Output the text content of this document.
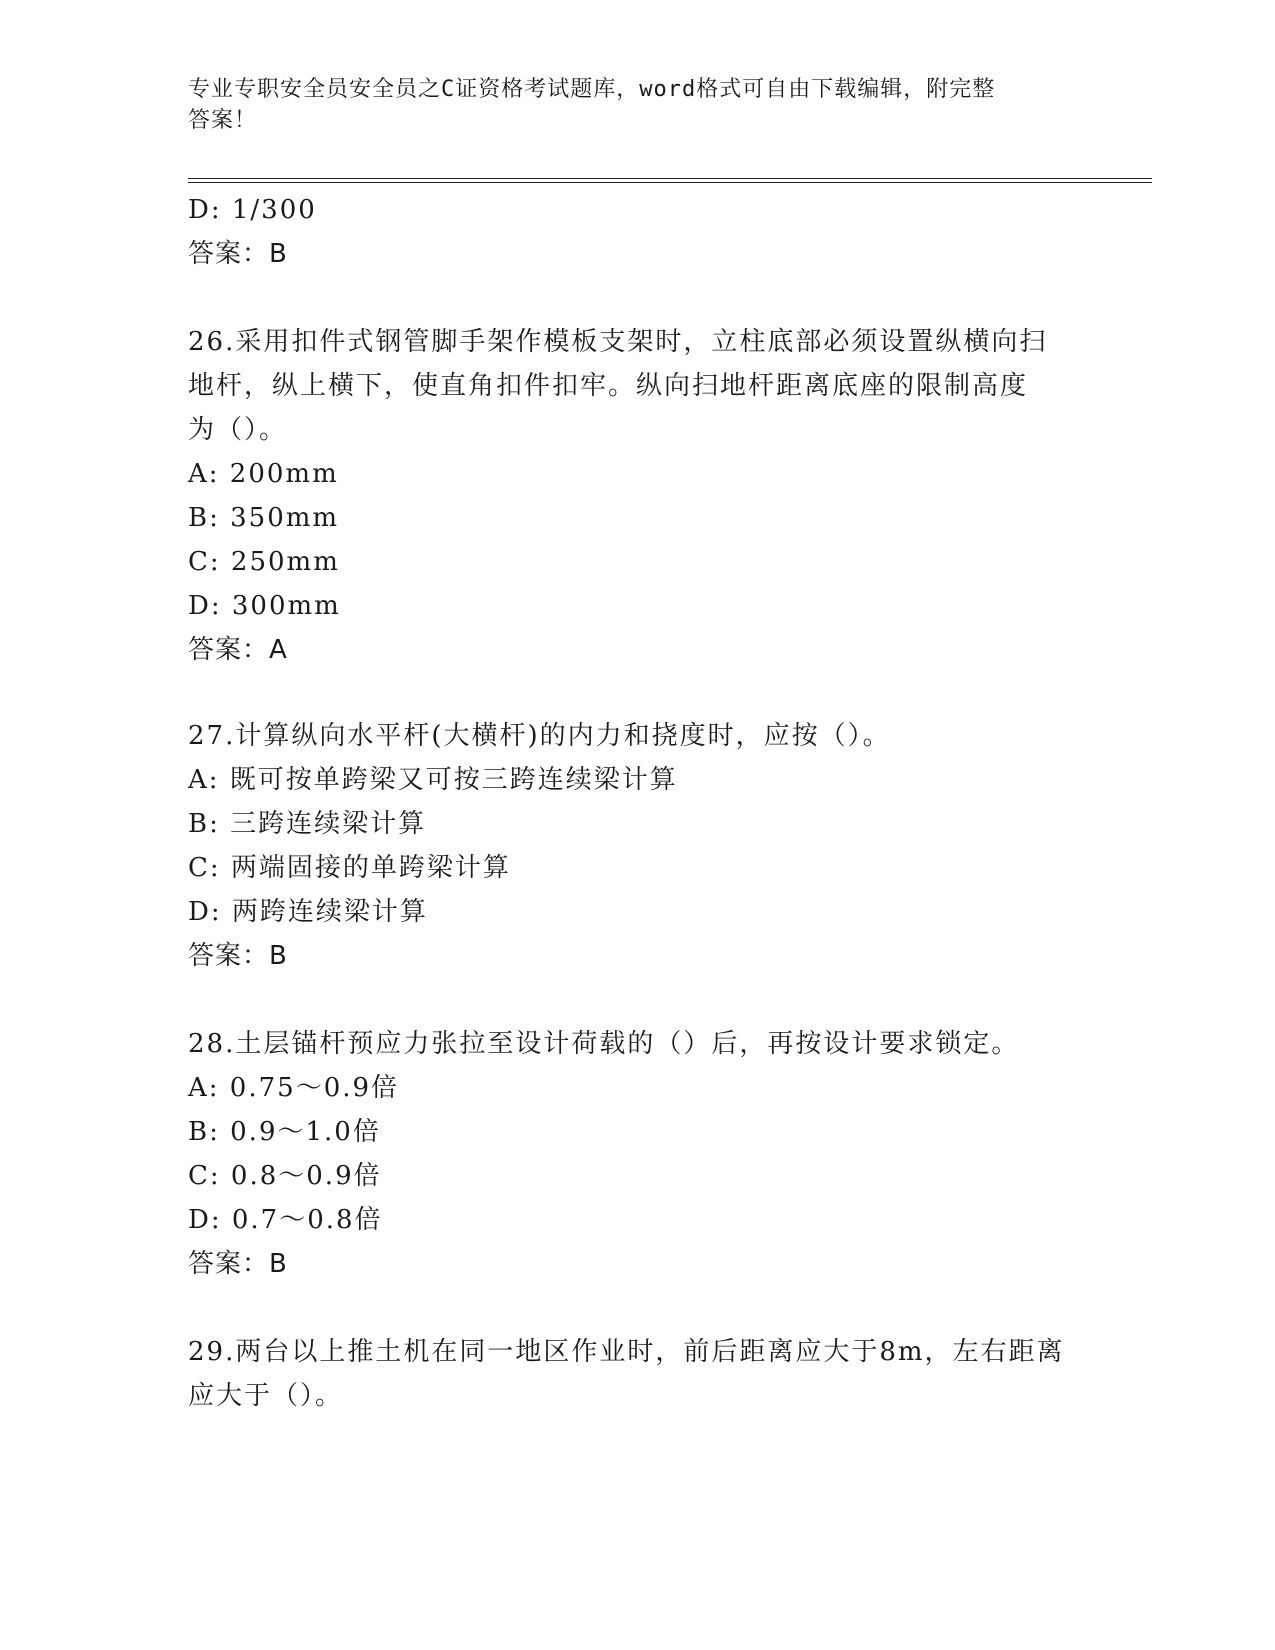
专业专职安全员安全员之C证资格考试题库，word格式可自由下载编辑，附完整
答案！
D: 1/300
答案：B
26.采用扣件式钢管脚手架作模板支架时，立柱底部必须设置纵横向扫
地杆，纵上横下，使直角扣件扣牢。纵向扫地杆距离底座的限制高度
为（）。
A: 200mm
B: 350mm
C: 250mm
D: 300mm
答案：A
27.计算纵向水平杆(大横杆)的内力和挠度时，应按（）。
A: 既可按单跨梁又可按三跨连续梁计算
B: 三跨连续梁计算
C: 两端固接的单跨梁计算
D: 两跨连续梁计算
答案：B
28.土层锚杆预应力张拉至设计荷载的（）后，再按设计要求锁定。
A: 0.75～0.9倍
B: 0.9～1.0倍
C: 0.8～0.9倍
D: 0.7～0.8倍
答案：B
29.两台以上推土机在同一地区作业时，前后距离应大于8m，左右距离
应大于（）。
